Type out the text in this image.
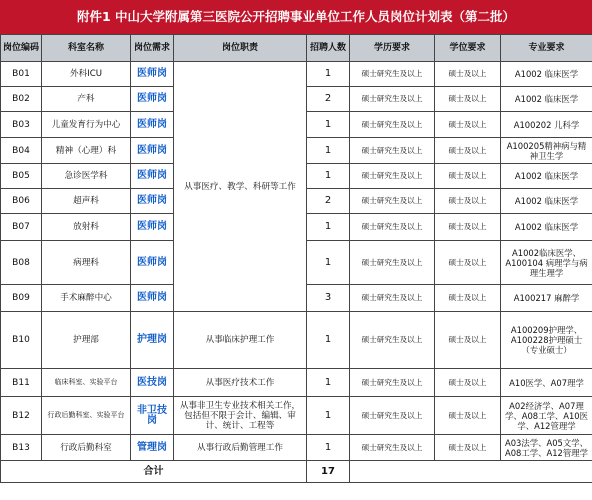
附件1 中山大学附属第三医院公开招聘事业单位工作人员岗位计划表（第二批）
岗位编码	科室名称	岗位需求	岗位职责	招聘人数	学历要求	学位要求	专业要求
B01	外科ICU	医师岗	从事医疗、教学、科研等工作	1	硕士研究生及以上	硕士及以上	A1002 临床医学
B02	产科	医师岗		2	硕士研究生及以上	硕士及以上	A1002 临床医学
B03	儿童发育行为中心	医师岗		1	硕士研究生及以上	硕士及以上	A100202 儿科学
B04	精神（心理）科	医师岗		1	硕士研究生及以上	硕士及以上	A100205精神病与精神卫生学
B05	急诊医学科	医师岗		1	硕士研究生及以上	硕士及以上	A1002 临床医学
B06	超声科	医师岗		2	硕士研究生及以上	硕士及以上	A1002 临床医学
B07	放射科	医师岗		1	硕士研究生及以上	硕士及以上	A1002 临床医学
B08	病理科	医师岗		1	硕士研究生及以上	硕士及以上	A1002临床医学、A100104 病理学与病理生理学
B09	手术麻醉中心	医师岗		3	硕士研究生及以上	硕士及以上	A100217 麻醉学
B10	护理部	护理岗	从事临床护理工作	1	硕士研究生及以上	硕士及以上	A100209护理学、A100228护理硕士（专业硕士）
B11	临床科室、实验平台	医技岗	从事医疗技术工作	1	硕士研究生及以上	硕士及以上	A10医学、A07理学
B12	行政后勤科室、实验平台	非卫技岗	从事非卫生专业技术相关工作，包括但不限于会计、编辑、审计、统计、工程等	1	硕士研究生及以上	硕士及以上	A02经济学、A07理学、A08工学、A10医学、A12管理学
B13	行政后勤科室	管理岗	从事行政后勤管理工作	1	硕士研究生及以上	硕士及以上	A03法学、A05文学、A08工学、A12管理学
合计				17			
